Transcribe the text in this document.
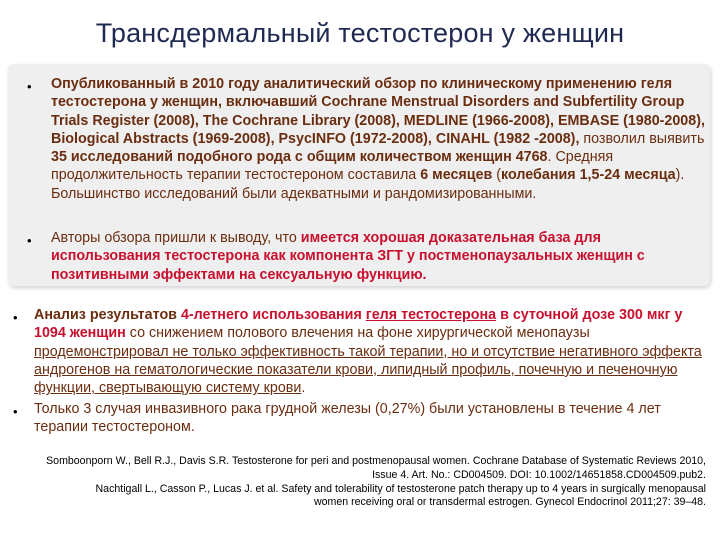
Трансдермальный тестостерон у женщин
• Опубликованный в 2010 году аналитический обзор по клиническому применению геля тестостерона у женщин, включавший Cochrane Menstrual Disorders and Subfertility Group Trials Register (2008), The Cochrane Library (2008), MEDLINE (1966-2008), EMBASE (1980-2008), Biological Abstracts (1969-2008), PsycINFO (1972-2008), CINAHL (1982 -2008), позволил выявить 35 исследований подобного рода с общим количеством женщин 4768. Средняя продолжительность терапии тестостероном составила 6 месяцев (колебания 1,5-24 месяца). Большинство исследований были адекватными и рандомизированными.

• Авторы обзора пришли к выводу, что имеется хорошая доказательная база для использования тестостерона как компонента ЗГТ у постменопаузальных женщин с позитивными эффектами на сексуальную функцию.

• Анализ результатов 4-летнего использования геля тестостерона в суточной дозе 300 мкг у 1094 женщин со снижением полового влечения на фоне хирургической менопаузы продемонстрировал не только эффективность такой терапии, но и отсутствие негативного эффекта андрогенов на гематологические показатели крови, липидный профиль, почечную и печеночную функции, свертывающую систему крови.

• Только 3 случая инвазивного рака грудной железы (0,27%) были установлены в течение 4 лет терапии тестостероном.

Somboonporn W., Bell R.J., Davis S.R. Testosterone for peri and postmenopausal women. Cochrane Database of Systematic Reviews 2010,
Issue 4. Art. No.: CD004509. DOI: 10.1002/14651858.CD004509.pub2.
Nachtigall L., Casson P., Lucas J. et al. Safety and tolerability of testosterone patch therapy up to 4 years in surgically menopausal
women receiving oral or transdermal estrogen. Gynecol Endocrinol 2011;27: 39–48.
